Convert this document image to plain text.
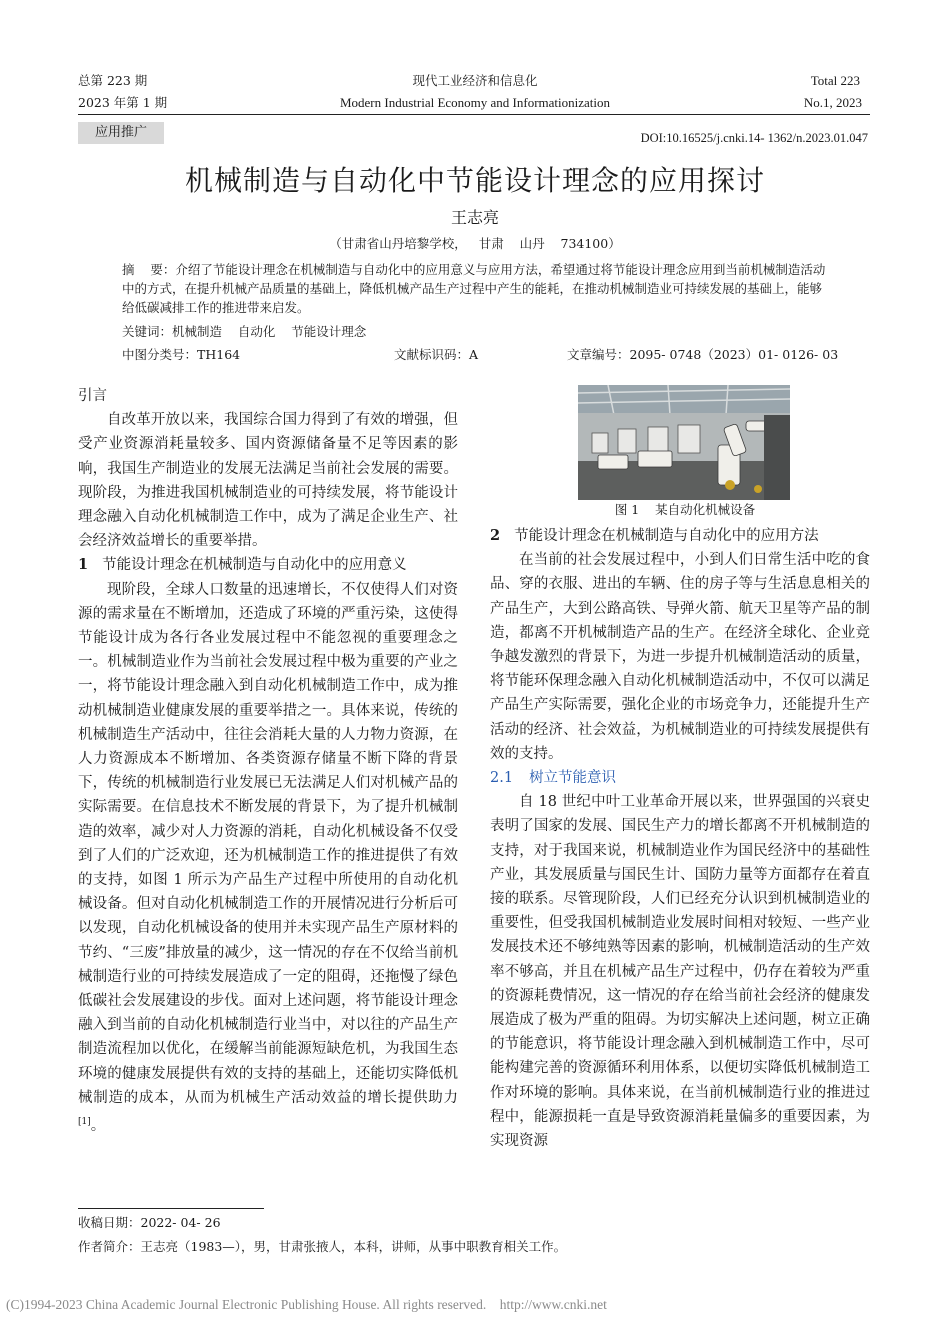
总第 223 期
2023 年第 1 期
现代工业经济和信息化
Modern Industrial Economy and Informationization
Total 223
No.1, 2023
应用推广	DOI:10.16525/j.cnki.14- 1362/n.2023.01.047
机械制造与自动化中节能设计理念的应用探讨
王志亮
（甘肃省山丹培黎学校，   甘肃    山丹    734100）
摘    要：介绍了节能设计理念在机械制造与自动化中的应用意义与应用方法，希望通过将节能设计理念应用到当前机械制造活动中的方式，在提升机械产品质量的基础上，降低机械产品生产过程中产生的能耗，在推动机械制造业可持续发展的基础上，能够给低碳减排工作的推进带来启发。
关键词：机械制造    自动化    节能设计理念
中图分类号：TH164	文献标识码：A	文章编号：2095- 0748（2023）01- 0126- 03
引言

自改革开放以来，我国综合国力得到了有效的增强，但受产业资源消耗量较多、国内资源储备量不足等因素的影响，我国生产制造业的发展无法满足当前社会发展的需要。现阶段，为推进我国机械制造业的可持续发展，将节能设计理念融入自动化机械制造工作中，成为了满足企业生产、社会经济效益增长的重要举措。

1 节能设计理念在机械制造与自动化中的应用意义

现阶段，全球人口数量的迅速增长，不仅使得人们对资源的需求量在不断增加，还造成了环境的严重污染，这使得节能设计成为各行各业发展过程中不能忽视的重要理念之一。机械制造业作为当前社会发展过程中极为重要的产业之一，将节能设计理念融入到自动化机械制造工作中，成为推动机械制造业健康发展的重要举措之一。具体来说，传统的机械制造生产活动中，往往会消耗大量的人力物力资源，在人力资源成本不断增加、各类资源存储量不断下降的背景下，传统的机械制造行业发展已无法满足人们对机械产品的实际需要。在信息技术不断发展的背景下，为了提升机械制造的效率，减少对人力资源的消耗，自动化机械设备不仅受到了人们的广泛欢迎，还为机械制造工作的推进提供了有效的支持，如图 1 所示为产品生产过程中所使用的自动化机械设备。但对自动化机械制造工作的开展情况进行分析后可以发现，自动化机械设备的使用并未实现产品生产原材料的节约、“三废”排放量的减少，这一情况的存在不仅给当前机械制造行业的可持续发展造成了一定的阻碍，还拖慢了绿色低碳社会发展建设的步伐。面对上述问题，将节能设计理念融入到当前的自动化机械制造行业当中，对以往的产品生产制造流程加以优化，在缓解当前能源短缺危机，为我国生态环境的健康发展提供有效的支持的基础上，还能切实降低机械制造的成本，从而为机械生产活动效益的增长提供助力[1]。

图 1    某自动化机械设备
2 节能设计理念在机械制造与自动化中的应用方法

在当前的社会发展过程中，小到人们日常生活中吃的食品、穿的衣服、进出的车辆、住的房子等与生活息息相关的产品生产，大到公路高铁、导弹火箭、航天卫星等产品的制造，都离不开机械制造产品的生产。在经济全球化、企业竞争越发激烈的背景下，为进一步提升机械制造活动的质量，将节能环保理念融入自动化机械制造活动中，不仅可以满足产品生产实际需要，强化企业的市场竞争力，还能提升生产活动的经济、社会效益，为机械制造业的可持续发展提供有效的支持。

2.1 树立节能意识

自 18 世纪中叶工业革命开展以来，世界强国的兴衰史表明了国家的发展、国民生产力的增长都离不开机械制造的支持，对于我国来说，机械制造业作为国民经济中的基础性产业，其发展质量与国民生计、国防力量等方面都存在着直接的联系。尽管现阶段，人们已经充分认识到机械制造业的重要性，但受我国机械制造业发展时间相对较短、一些产业发展技术还不够纯熟等因素的影响，机械制造活动的生产效率不够高，并且在机械产品生产过程中，仍存在着较为严重的资源耗费情况，这一情况的存在给当前社会经济的健康发展造成了极为严重的阻碍。为切实解决上述问题，树立正确的节能意识，将节能设计理念融入到机械制造工作中，尽可能构建完善的资源循环利用体系，以便切实降低机械制造工作对环境的影响。具体来说，在当前机械制造行业的推进过程中，能源损耗一直是导致资源消耗量偏多的重要因素，为实现资源

收稿日期：2022- 04- 26
作者简介：王志亮（1983—），男，甘肃张掖人，本科，讲师，从事中职教育相关工作。
(C)1994-2023 China Academic Journal Electronic Publishing House. All rights reserved.    http://www.cnki.net
